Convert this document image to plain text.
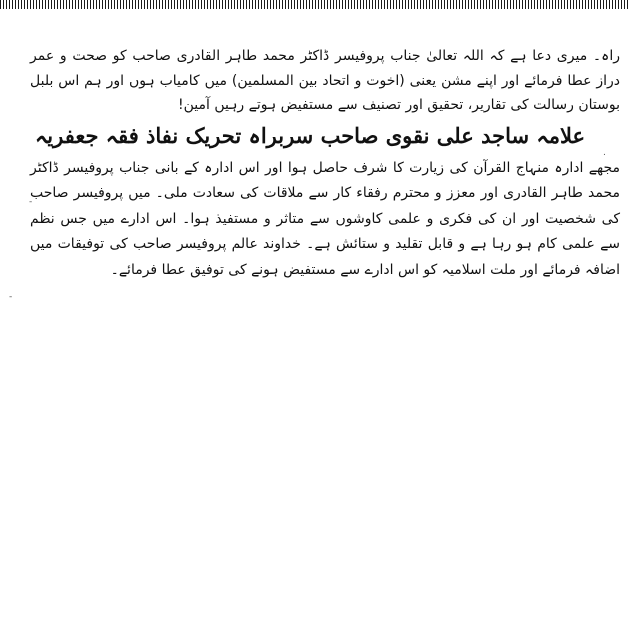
راہ۔ میری دعا ہے کہ اللہ تعالیٰ جناب پروفیسر ڈاکٹر محمد طاہر القادری صاحب کو صحت و عمر دراز عطا فرمائے اور اپنے مشن یعنی (اخوت و اتحاد بین المسلمین) میں کامیاب ہوں اور ہم اس بلبل بوستان رسالت کی تقاریر، تحقیق اور تصنیف سے مستفیض ہوتے رہیں آمین!

علامہ ساجد علی نقوی صاحب سربراہ تحریک نفاذ فقہ جعفریہ

مجھے ادارہ منہاج القرآن کی زیارت کا شرف حاصل ہوا اور اس ادارہ کے بانی جناب پروفیسر ڈاکٹر محمد طاہر القادری اور معزز و محترم رفقاء کار سے ملاقات کی سعادت ملی۔ میں پروفیسر صاحب کی شخصیت اور ان کی فکری و علمی کاوشوں سے متاثر و مستفیذ ہوا۔ اس ادارے میں جس نظم سے علمی کام ہو رہا ہے و قابل تقلید و ستائش ہے۔ خداوند عالم پروفیسر صاحب کی توفیقات میں اضافہ فرمائے اور ملت اسلامیہ کو اس ادارے سے مستفیض ہونے کی توفیق عطا فرمائے۔

-
-
.
